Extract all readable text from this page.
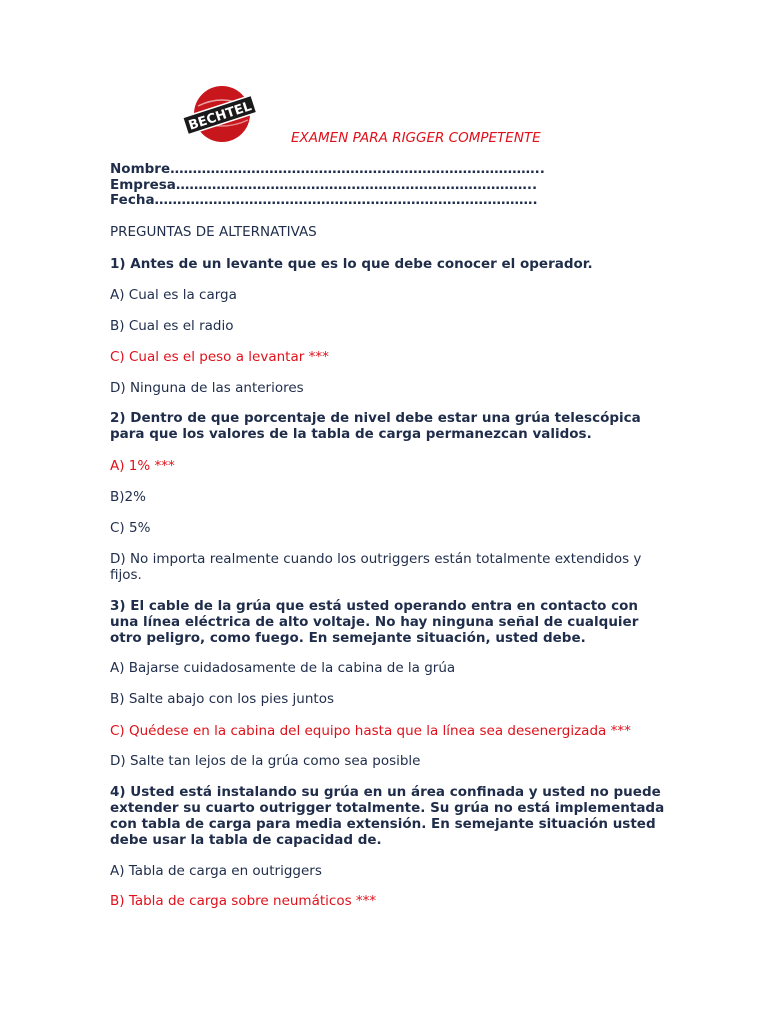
BECHTEL
EXAMEN PARA RIGGER COMPETENTE
Nombre………………………………………………………………………..
Empresa……………………………………………………………………..
Fecha………………………………………………………………………….
PREGUNTAS DE ALTERNATIVAS
1) Antes de un levante que es lo que debe conocer el operador.
A) Cual es la carga
B) Cual es el radio
C) Cual es el peso a levantar ***
D) Ninguna de las anteriores
2) Dentro de que porcentaje de nivel debe estar una grúa telescópica para que los valores de la tabla de carga permanezcan validos.
A) 1% ***
B)2%
C) 5%
D) No importa realmente cuando los outriggers están totalmente extendidos y fijos.
3) El cable de la grúa que está usted operando entra en contacto con una línea eléctrica de alto voltaje. No hay ninguna señal de cualquier otro peligro, como fuego. En semejante situación, usted debe.
A) Bajarse cuidadosamente de la cabina de la grúa
B) Salte abajo con los pies juntos
C) Quédese en la cabina del equipo hasta que la línea sea desenergizada ***
D) Salte tan lejos de la grúa como sea posible
4) Usted está instalando su grúa en un área confinada y usted no puede extender su cuarto outrigger totalmente. Su grúa no está implementada con tabla de carga para media extensión. En semejante situación usted debe usar la tabla de capacidad de.
A) Tabla de carga en outriggers
B) Tabla de carga sobre neumáticos ***
